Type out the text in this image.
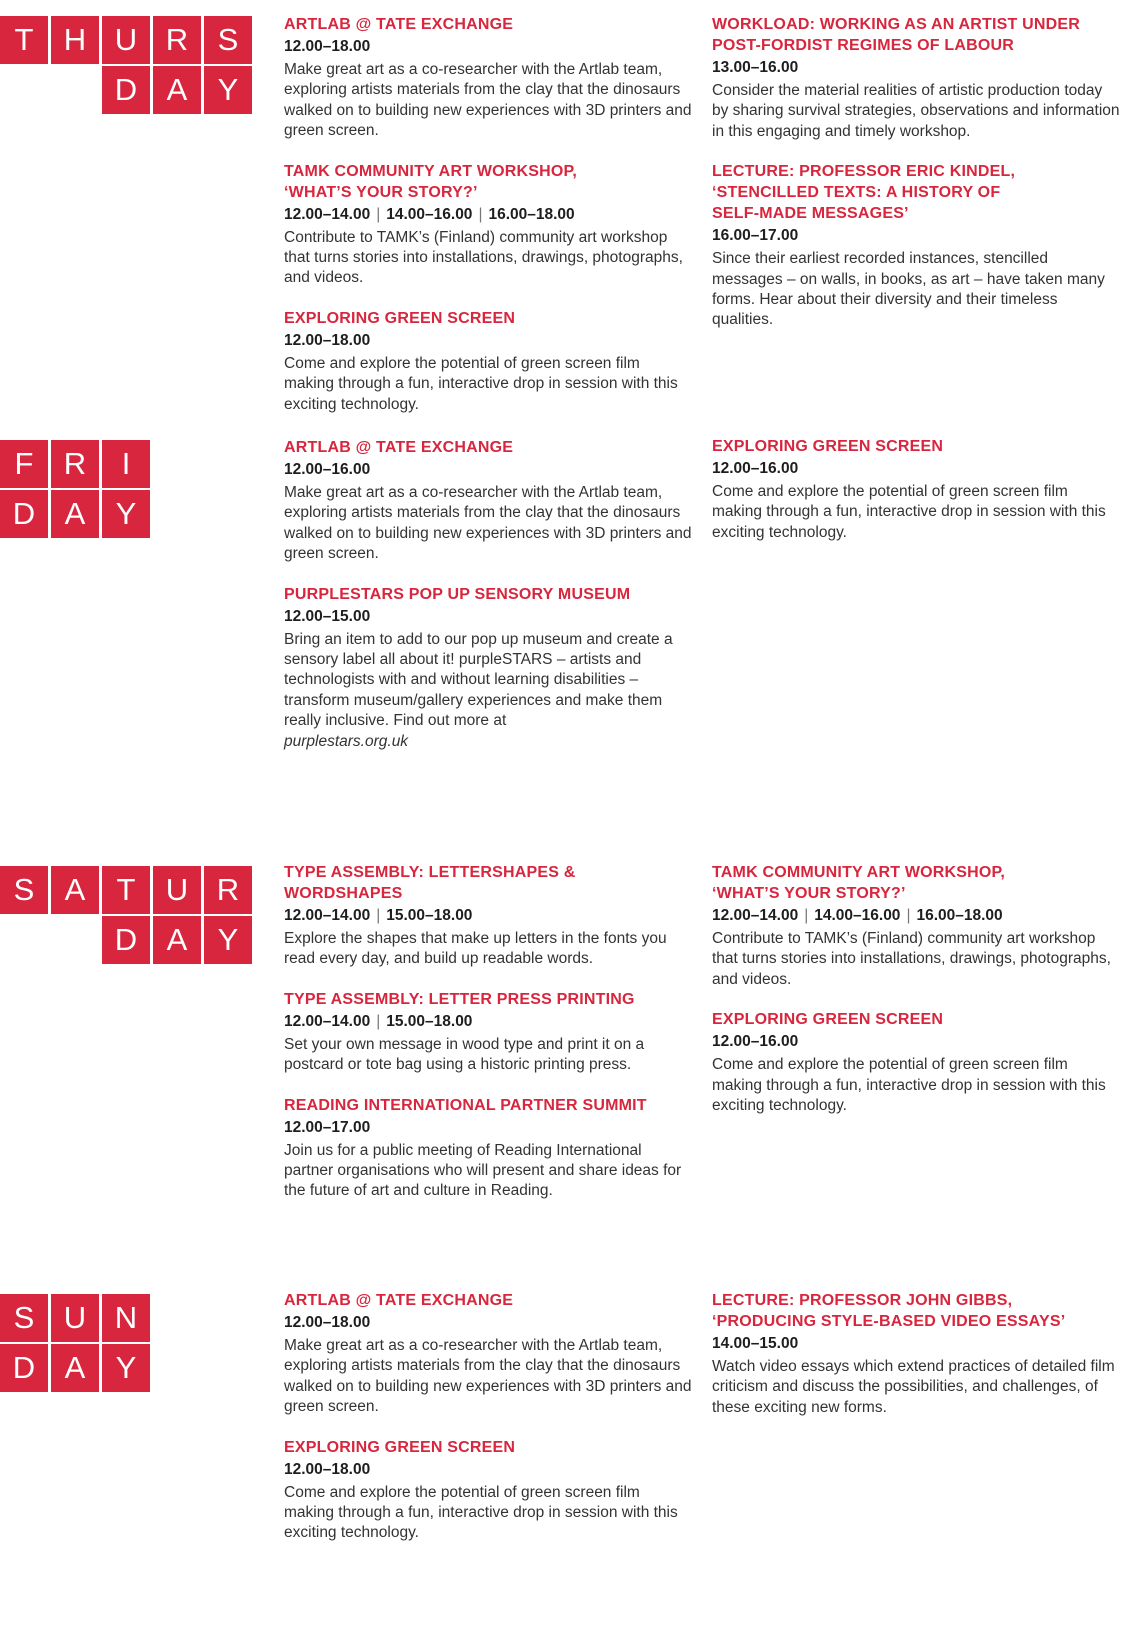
T H U R S
D A Y
ARTLAB @ TATE EXCHANGE
12.00–18.00
Make great art as a co-researcher with the Artlab team, exploring artists materials from the clay that the dinosaurs walked on to building new experiences with 3D printers and green screen.
TAMK COMMUNITY ART WORKSHOP,
‘WHAT’S YOUR STORY?’
12.00–14.00 | 14.00–16.00 | 16.00–18.00
Contribute to TAMK’s (Finland) community art workshop that turns stories into installations, drawings, photographs, and videos.
EXPLORING GREEN SCREEN
12.00–18.00
Come and explore the potential of green screen film making through a fun, interactive drop in session with this exciting technology.
WORKLOAD: WORKING AS AN ARTIST UNDER
POST-FORDIST REGIMES OF LABOUR
13.00–16.00
Consider the material realities of artistic production today by sharing survival strategies, observations and information in this engaging and timely workshop.
LECTURE: PROFESSOR ERIC KINDEL,
‘STENCILLED TEXTS: A HISTORY OF
SELF-MADE MESSAGES’
16.00–17.00
Since their earliest recorded instances, stencilled messages – on walls, in books, as art – have taken many forms. Hear about their diversity and their timeless qualities.
F R	I
D A Y
ARTLAB @ TATE EXCHANGE
12.00–16.00
Make great art as a co-researcher with the Artlab team, exploring artists materials from the clay that the dinosaurs walked on to building new experiences with 3D printers and green screen.
PURPLESTARS POP UP SENSORY MUSEUM
12.00–15.00
Bring an item to add to our pop up museum and create a sensory label all about it! purpleSTARS – artists and technologists with and without learning disabilities – transform museum/gallery experiences and make them really inclusive. Find out more at
purplestars.org.uk
EXPLORING GREEN SCREEN
12.00–16.00
Come and explore the potential of green screen film making through a fun, interactive drop in session with this exciting technology.
S A	T U R
D A Y
TYPE ASSEMBLY: LETTERSHAPES & WORDSHAPES
12.00–14.00 | 15.00–18.00
Explore the shapes that make up letters in the fonts you read every day, and build up readable words.
TYPE ASSEMBLY: LETTER PRESS PRINTING
12.00–14.00 | 15.00–18.00
Set your own message in wood type and print it on a postcard or tote bag using a historic printing press.
READING INTERNATIONAL PARTNER SUMMIT
12.00–17.00
Join us for a public meeting of Reading International partner organisations who will present and share ideas for the future of art and culture in Reading.
TAMK COMMUNITY ART WORKSHOP,
‘WHAT’S YOUR STORY?’
12.00–14.00 | 14.00–16.00 | 16.00–18.00
Contribute to TAMK’s (Finland) community art workshop that turns stories into installations, drawings, photographs, and videos.
EXPLORING GREEN SCREEN
12.00–16.00
Come and explore the potential of green screen film making through a fun, interactive drop in session with this exciting technology.
S U N
D A Y
ARTLAB @ TATE EXCHANGE
12.00–18.00
Make great art as a co-researcher with the Artlab team, exploring artists materials from the clay that the dinosaurs walked on to building new experiences with 3D printers and green screen.
EXPLORING GREEN SCREEN
12.00–18.00
Come and explore the potential of green screen film making through a fun, interactive drop in session with this exciting technology.
LECTURE: PROFESSOR JOHN GIBBS,
‘PRODUCING STYLE-BASED VIDEO ESSAYS’
14.00–15.00
Watch video essays which extend practices of detailed film criticism and discuss the possibilities, and challenges, of these exciting new forms.
